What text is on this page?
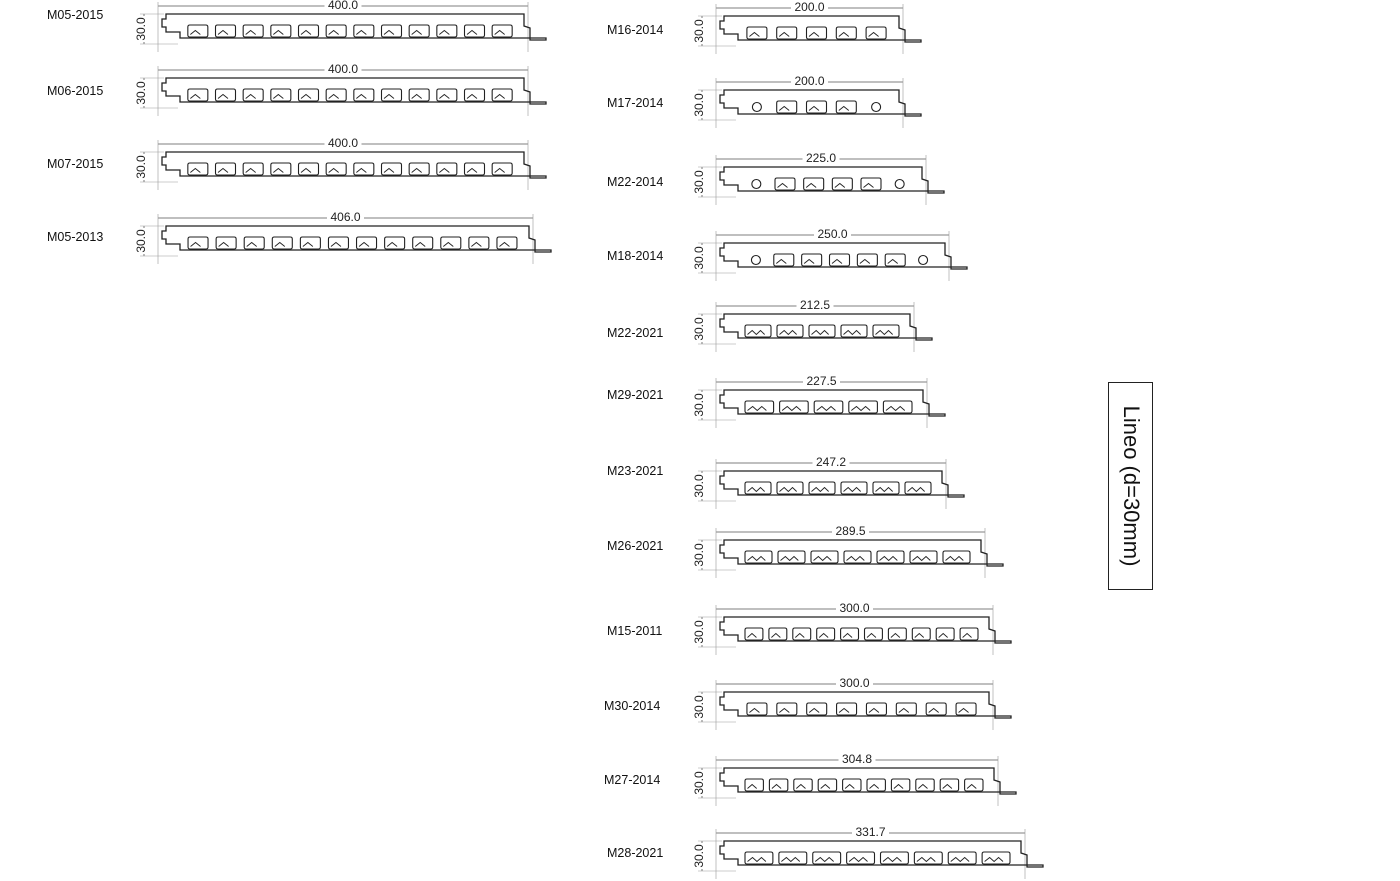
M05-2015
400.0
30.0
M06-2015
400.0
30.0
M07-2015
400.0
30.0
M05-2013
406.0
30.0
M16-2014
200.0
30.0
M17-2014
200.0
30.0
M22-2014
225.0
30.0
M18-2014
250.0
30.0
M22-2021
212.5
30.0
M29-2021
227.5
30.0
M23-2021
247.2
30.0
M26-2021
289.5
30.0
M15-2011
300.0
30.0
M30-2014
300.0
30.0
M27-2014
304.8
30.0
M28-2021
331.7
30.0
Lineo (d=30mm)
